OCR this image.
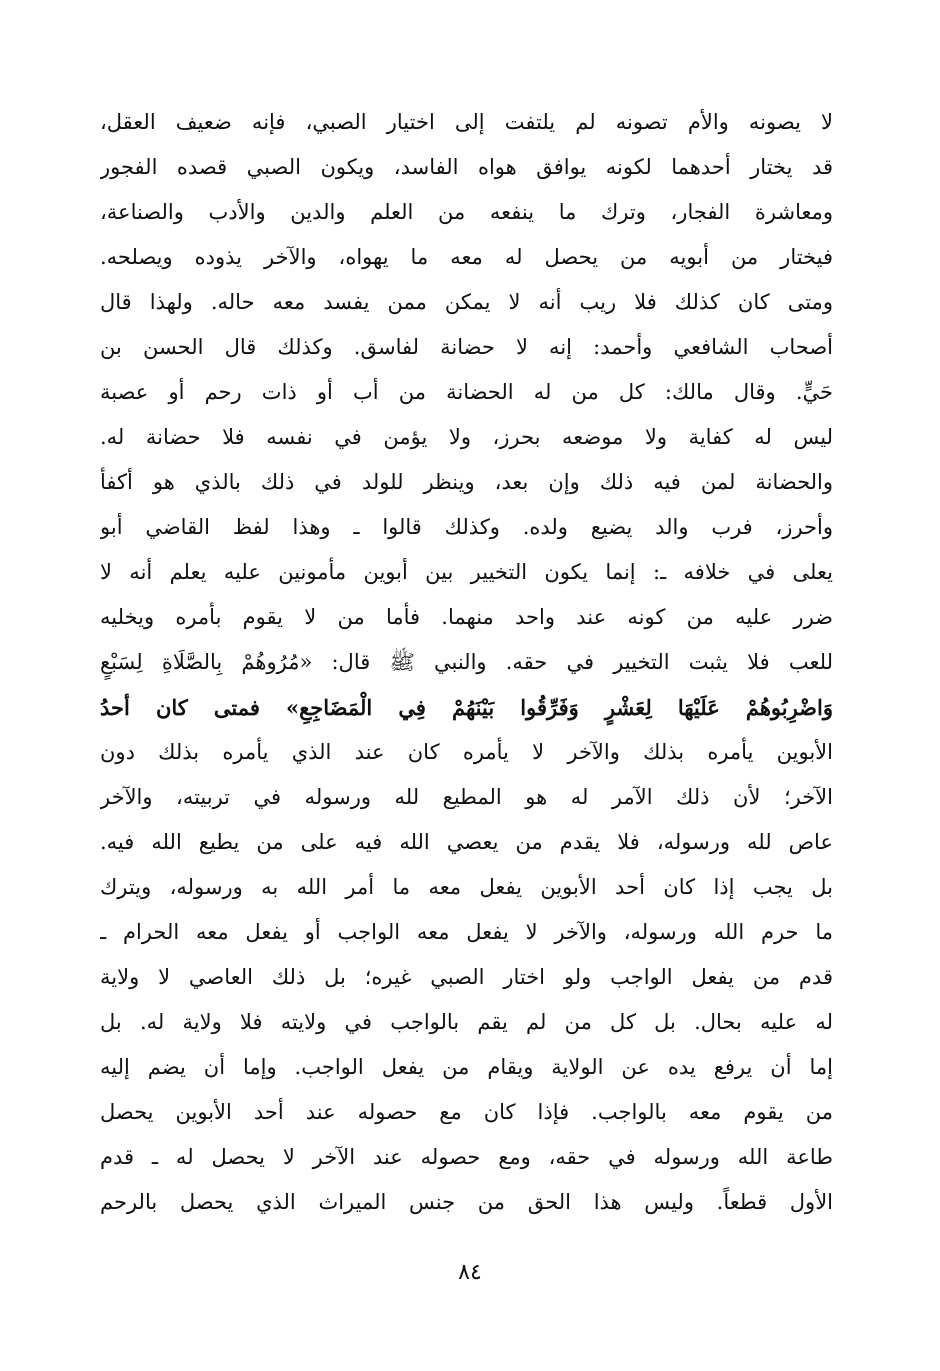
لا يصونه والأم تصونه لم يلتفت إلى اختيار الصبي، فإنه ضعيف العقل،
قد يختار أحدهما لكونه يوافق هواه الفاسد، ويكون الصبي قصده الفجور
ومعاشرة الفجار، وترك ما ينفعه من العلم والدين والأدب والصناعة،
فيختار من أبويه من يحصل له معه ما يهواه، والآخر يذوده ويصلحه.
ومتى كان كذلك فلا ريب أنه لا يمكن ممن يفسد معه حاله. ولهذا قال
أصحاب الشافعي وأحمد: إنه لا حضانة لفاسق. وكذلك قال الحسن بن
حَيٍّ. وقال مالك: كل من له الحضانة من أب أو ذات رحم أو عصبة
ليس له كفاية ولا موضعه بحرز، ولا يؤمن في نفسه فلا حضانة له.
والحضانة لمن فيه ذلك وإن بعد، وينظر للولد في ذلك بالذي هو أكفأ
وأحرز، فرب والد يضيع ولده. وكذلك قالوا ـ وهذا لفظ القاضي أبو
يعلى في خلافه ـ: إنما يكون التخيير بين أبوين مأمونين عليه يعلم أنه لا
ضرر عليه من كونه عند واحد منهما. فأما من لا يقوم بأمره ويخليه
للعب فلا يثبت التخيير في حقه. والنبي ﷺ قال: «مُرُوهُمْ بِالصَّلَاةِ لِسَبْعٍ
وَاضْرِبُوهُمْ عَلَيْهَا لِعَشْرٍ وَفَرِّقُوا بَيْنَهُمْ فِي الْمَضَاجِعِ» فمتى كان أحدُ
الأبوين يأمره بذلك والآخر لا يأمره كان عند الذي يأمره بذلك دون
الآخر؛ لأن ذلك الآمر له هو المطيع لله ورسوله في تربيته، والآخر
عاص لله ورسوله، فلا يقدم من يعصي الله فيه على من يطيع الله فيه.
بل يجب إذا كان أحد الأبوين يفعل معه ما أمر الله به ورسوله، ويترك
ما حرم الله ورسوله، والآخر لا يفعل معه الواجب أو يفعل معه الحرام ـ
قدم من يفعل الواجب ولو اختار الصبي غيره؛ بل ذلك العاصي لا ولاية
له عليه بحال. بل كل من لم يقم بالواجب في ولايته فلا ولاية له. بل
إما أن يرفع يده عن الولاية ويقام من يفعل الواجب. وإما أن يضم إليه
من يقوم معه بالواجب. فإذا كان مع حصوله عند أحد الأبوين يحصل
طاعة الله ورسوله في حقه، ومع حصوله عند الآخر لا يحصل له ـ قدم
الأول قطعاً. وليس هذا الحق من جنس الميراث الذي يحصل بالرحم
٨٤
